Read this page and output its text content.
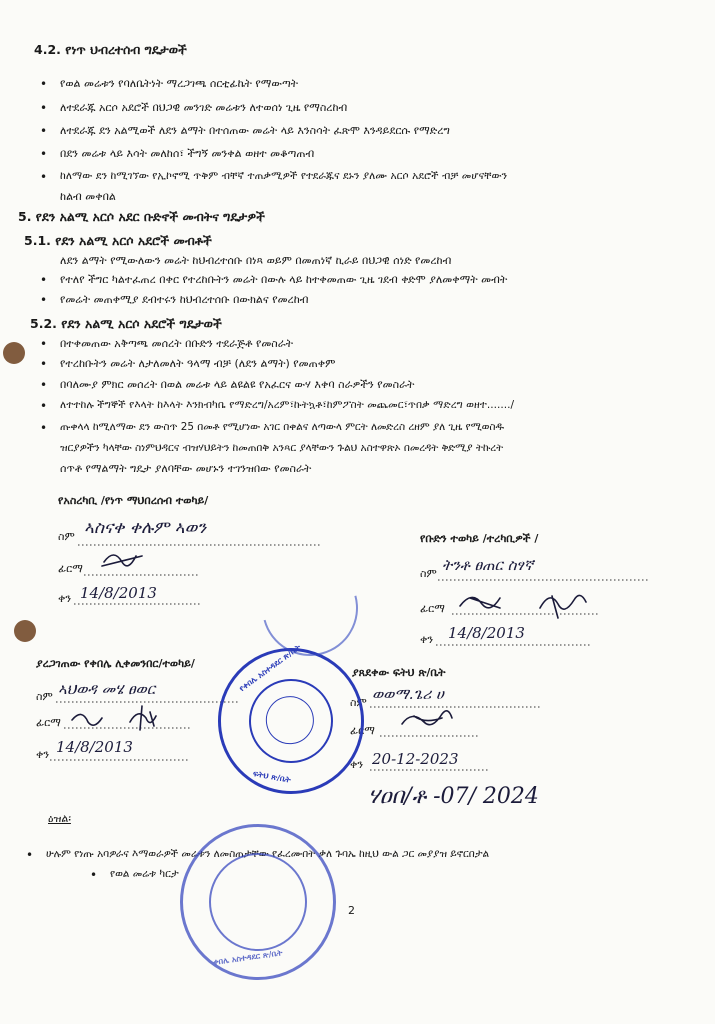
4.2. የነጥ ህብረተሰብ ግዴታወች
• የወል መሬቱን የባለቤትነት ማረጋገጫ ሰርቲፊኬት የማውጣት
• ለተደራጁ አርሶ አደሮች በህጋዊ መንገድ መሬቱን ለተወሰነ ጊዜ የማስረከብ
• ለተደራጁ ደን አልሚወች ለደን ልማት በተሰጠው መሬት ላይ እንስሳት ፈጽሞ እንዳይደርሱ የማድረግ
• በደን መሬቱ ላይ እሳት መለከሰ፣ ችግኝ መንቀል ወዘተ መቆጣጠብ
• ከለማው ደን ከሚገኘው የኢኮኖሚ ጥቅም ብቸኛ ተጠቃሚዎች የተደራጁና ደኑን ያለሙ አርሶ አደሮች ብቻ መሆናቸውን
ከልብ መቀበል
5. የደን አልሚ አርሶ አደር ቡድኖች መብትና ግዴታዎች
5.1. የደን አልሚ አርሶ አደሮች መብቶች
ለደን ልማት የሚውለውን መሬት ከህብረተሰቡ በነጻ ወይም በመጠነኛ ኪራይ በህጋዊ ሰነድ የመረከብ
• የተለየ ችግር ካልተፈጠረ በቀር የተረከቡትን መሬት በውሉ ላይ ከተቀመጠው ጊዜ ገደብ ቀድሞ ያለመቀማት መብት
• የመሬት መጠቀሚያ ደብተሩን ከህብረተሰቡ በውክልና የመረከብ
5.2. የደን አልሚ አርሶ አደሮች ግዴታወች
• በተቀመጠው አቅጣጫ መሰረት በቡድን ተደራጅቶ የመስራት
• የተረከቡትን መሬት ለታለመለት ዓላማ ብቻ (ለደን ልማት) የመጠቀም
• በባለሙያ ምክር መሰረት በወል መሬቱ ላይ ልዩልዩ የአፈርና ውሃ እቀባ ስራዎችን የመስራት
• ለተተከሉ ችግኞች የእላት ከእላት እንክብካቤ የማድረግ/አረም፣ኩትኳቶ፣ከምፖስት መጨመር፣ጥበቃ ማድረግ ወዘተ......./
• ጡቀላላ ከሚለማው ደን ውስጥ 25 በመቶ የሚሆነው አገር በቀልና ለጣውላ ምርት ለመድረስ ረዘም ያለ ጊዜ የሚወስዱ
ዝርያዎችን ካላቸው ስነምህዳርና ብዝሃህይትን ከመጠበቅ አንጻር ያላቸውን ጉልህ አስተዋጽኦ በመረዳት ቅድሚያ ትኩረት
ሰጥቶ የማልማት ግዴታ ያለባቸው መሆኑን ተገንዝበው የመስራት
የአስረካቢ /የነጥ ማህበረሰብ ተወካይ/
ስም ኣስናቀ ቀሉም ኣወን
ፊርማ
ቀን 14/8/2013
የቡድን ተወካይ /ተረካቢዎች /
ስም ትንቶ ፀጠር ስፃኛ
ፊርማ
ቀን 14/8/2013
ያረጋገጠው የቀበሌ ሊቀመንበር/ተወካይ/
ስም ኣህወዳ መሄ ፀወር
ፊርማ
ቀን 14/8/2013
ያጸደቀው ፍትህ ጽ/ቤት
ስም ወወማ.ጌሪ ሀ
ፊርማ
ቀን 20-12-2023
ሃዐበ/ቶ -07/ 2024
ዕዝል፡
• ሁሉም የነጡ አባዎራና እማወራዎች መሬቱን ለመስጠታቸው የፈረሙበት ቃለ ጉባኤ ከዚህ ውል ጋር መያያዝ ይኖርበታል
• የወል መሬቱ ካርታ
2
የቀበሌ አስተዳደር ጽ/ቤት
ፍትህ ጽ/ቤት
ቀበሌ አስተዳደር ጽ/ቤት
